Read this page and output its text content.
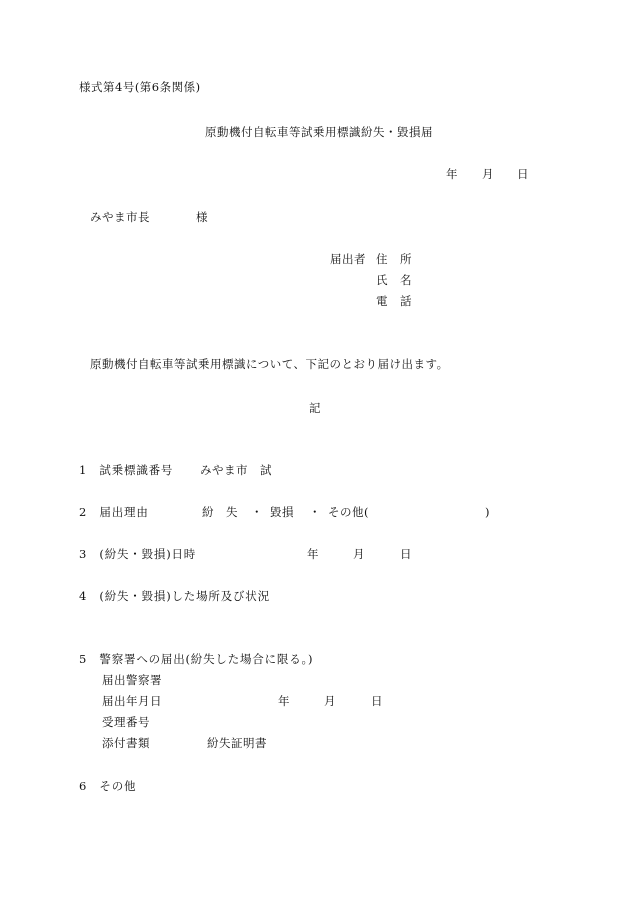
様式第4号(第6条関係)
原動機付自転車等試乗用標識紛失・毀損届
年 月 日
みやま市長	様
届出者 住　所
氏　名
電　話
原動機付自転車等試乗用標識について、下記のとおり届け出ます。
記
1　試乗標識番号 みやま市　試
2　届出理由	紛　失 ・ 毀損 ・ その他(	)
3　(紛失・毀損)日時	年	月	日
4　(紛失・毀損)した場所及び状況
5　警察署への届出(紛失した場合に限る。)
届出警察署
届出年月日	年	月	日
受理番号
添付書類	紛失証明書
6　その他
